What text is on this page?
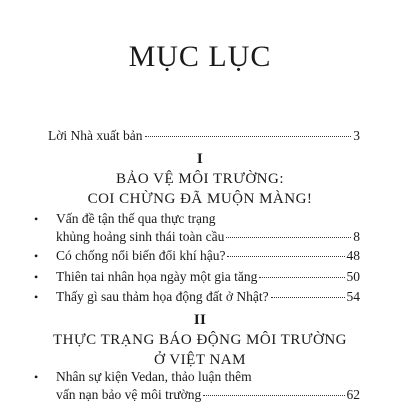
MỤC LỤC
Lời Nhà xuất bản	3
I
BẢO VỆ MÔI TRƯỜNG:
COI CHỪNG ĐÃ MUỘN MÀNG!
•	Vấn đề tận thế qua thực trạng
khủng hoảng sinh thái toàn cầu	8
•	Có chống nổi biến đổi khí hậu?	48
•	Thiên tai nhân họa ngày một gia tăng	50
•	Thấy gì sau thảm họa động đất ở Nhật?	54
II
THỰC TRẠNG BÁO ĐỘNG MÔI TRƯỜNG
Ở VIỆT NAM
•	Nhân sự kiện Vedan, thảo luận thêm
vấn nạn bảo vệ môi trường	62
